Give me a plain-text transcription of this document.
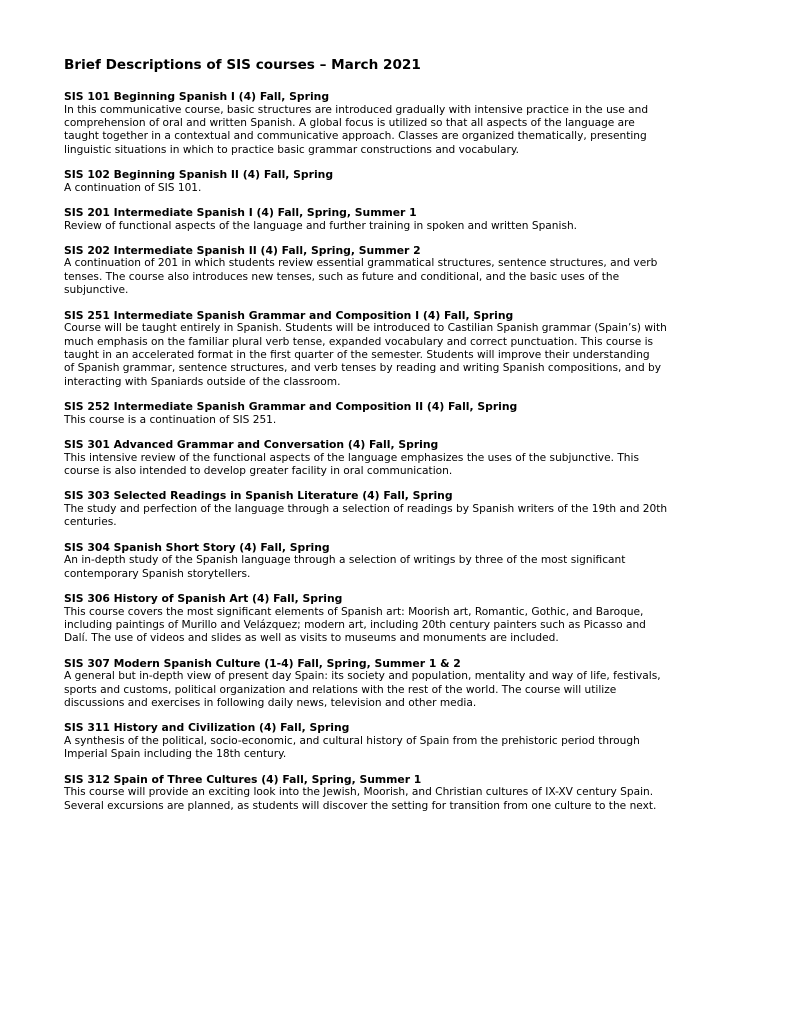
Brief Descriptions of SIS courses – March 2021
SIS 101 Beginning Spanish I (4) Fall, Spring
In this communicative course, basic structures are introduced gradually with intensive practice in the use and
comprehension of oral and written Spanish. A global focus is utilized so that all aspects of the language are
taught together in a contextual and communicative approach. Classes are organized thematically, presenting
linguistic situations in which to practice basic grammar constructions and vocabulary.
SIS 102 Beginning Spanish II (4) Fall, Spring
A continuation of SIS 101.
SIS 201 Intermediate Spanish I (4) Fall, Spring, Summer 1
Review of functional aspects of the language and further training in spoken and written Spanish.
SIS 202 Intermediate Spanish II (4) Fall, Spring, Summer 2
A continuation of 201 in which students review essential grammatical structures, sentence structures, and verb
tenses. The course also introduces new tenses, such as future and conditional, and the basic uses of the
subjunctive.
SIS 251 Intermediate Spanish Grammar and Composition I (4) Fall, Spring
Course will be taught entirely in Spanish. Students will be introduced to Castilian Spanish grammar (Spain’s) with
much emphasis on the familiar plural verb tense, expanded vocabulary and correct punctuation. This course is
taught in an accelerated format in the first quarter of the semester. Students will improve their understanding
of Spanish grammar, sentence structures, and verb tenses by reading and writing Spanish compositions, and by
interacting with Spaniards outside of the classroom.
SIS 252 Intermediate Spanish Grammar and Composition II (4) Fall, Spring
This course is a continuation of SIS 251.
SIS 301 Advanced Grammar and Conversation (4) Fall, Spring
This intensive review of the functional aspects of the language emphasizes the uses of the subjunctive. This
course is also intended to develop greater facility in oral communication.
SIS 303 Selected Readings in Spanish Literature (4) Fall, Spring
The study and perfection of the language through a selection of readings by Spanish writers of the 19th and 20th
centuries.
SIS 304 Spanish Short Story (4) Fall, Spring
An in-depth study of the Spanish language through a selection of writings by three of the most significant
contemporary Spanish storytellers.
SIS 306 History of Spanish Art (4) Fall, Spring
This course covers the most significant elements of Spanish art: Moorish art, Romantic, Gothic, and Baroque,
including paintings of Murillo and Velázquez; modern art, including 20th century painters such as Picasso and
Dalí. The use of videos and slides as well as visits to museums and monuments are included.
SIS 307 Modern Spanish Culture (1-4) Fall, Spring, Summer 1 & 2
A general but in-depth view of present day Spain: its society and population, mentality and way of life, festivals,
sports and customs, political organization and relations with the rest of the world. The course will utilize
discussions and exercises in following daily news, television and other media.
SIS 311 History and Civilization (4) Fall, Spring
A synthesis of the political, socio-economic, and cultural history of Spain from the prehistoric period through
Imperial Spain including the 18th century.
SIS 312 Spain of Three Cultures (4) Fall, Spring, Summer 1
This course will provide an exciting look into the Jewish, Moorish, and Christian cultures of IX-XV century Spain.
Several excursions are planned, as students will discover the setting for transition from one culture to the next.
